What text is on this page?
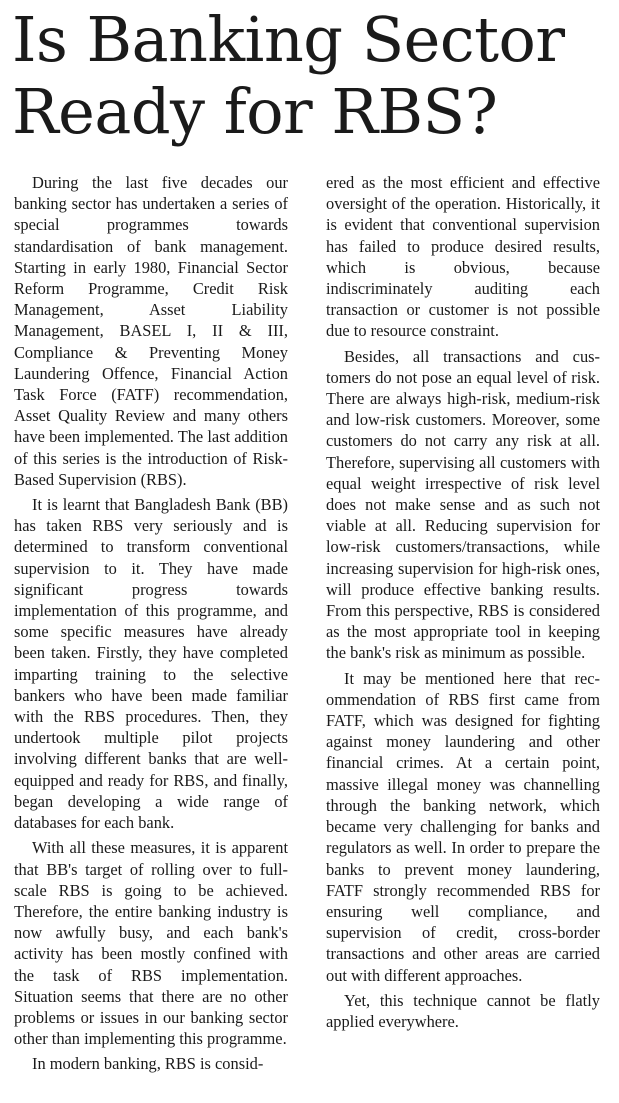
Is Banking Sector
Ready for RBS?

During the last five decades our banking sector has undertaken a series of special programmes towards standardisation of bank management. Starting in early 1980, Financial Sector Reform Programme, Credit Risk Management, Asset Liability Management, BASEL I, II & III, Compliance & Preventing Money Laundering Offence, Financial Action Task Force (FATF) recommendation, Asset Quality Review and many others have been implemented. The last addition of this series is the introduction of Risk-Based Supervision (RBS).

It is learnt that Bangladesh Bank (BB) has taken RBS very seriously and is determined to transform conventional supervision to it. They have made significant progress towards implementation of this programme, and some specific measures have already been taken. Firstly, they have completed imparting training to the selective bankers who have been made familiar with the RBS procedures. Then, they undertook multiple pilot projects involving different banks that are well-equipped and ready for RBS, and finally, began developing a wide range of databases for each bank.

With all these measures, it is apparent that BB's target of rolling over to full-scale RBS is going to be achieved. Therefore, the entire banking industry is now awfully busy, and each bank's activity has been mostly confined with the task of RBS implementation. Situation seems that there are no other problems or issues in our banking sector other than implementing this programme.

In modern banking, RBS is consid-

ered as the most efficient and effective oversight of the operation. Historically, it is evident that conventional supervision has failed to produce desired results, which is obvious, because indiscriminately auditing each transaction or customer is not possible due to resource constraint.

Besides, all transactions and customers do not pose an equal level of risk. There are always high-risk, medium-risk and low-risk customers. Moreover, some customers do not carry any risk at all. Therefore, supervising all customers with equal weight irrespective of risk level does not make sense and as such not viable at all. Reducing supervision for low-risk customers/transactions, while increasing supervision for high-risk ones, will produce effective banking results. From this perspective, RBS is considered as the most appropriate tool in keeping the bank's risk as minimum as possible.

It may be mentioned here that recommendation of RBS first came from FATF, which was designed for fighting against money laundering and other financial crimes. At a certain point, massive illegal money was channelling through the banking network, which became very challenging for banks and regulators as well. In order to prepare the banks to prevent money laundering, FATF strongly recommended RBS for ensuring well compliance, and supervision of credit, cross-border transactions and other areas are carried out with different approaches.

Yet, this technique cannot be flatly applied everywhere.
